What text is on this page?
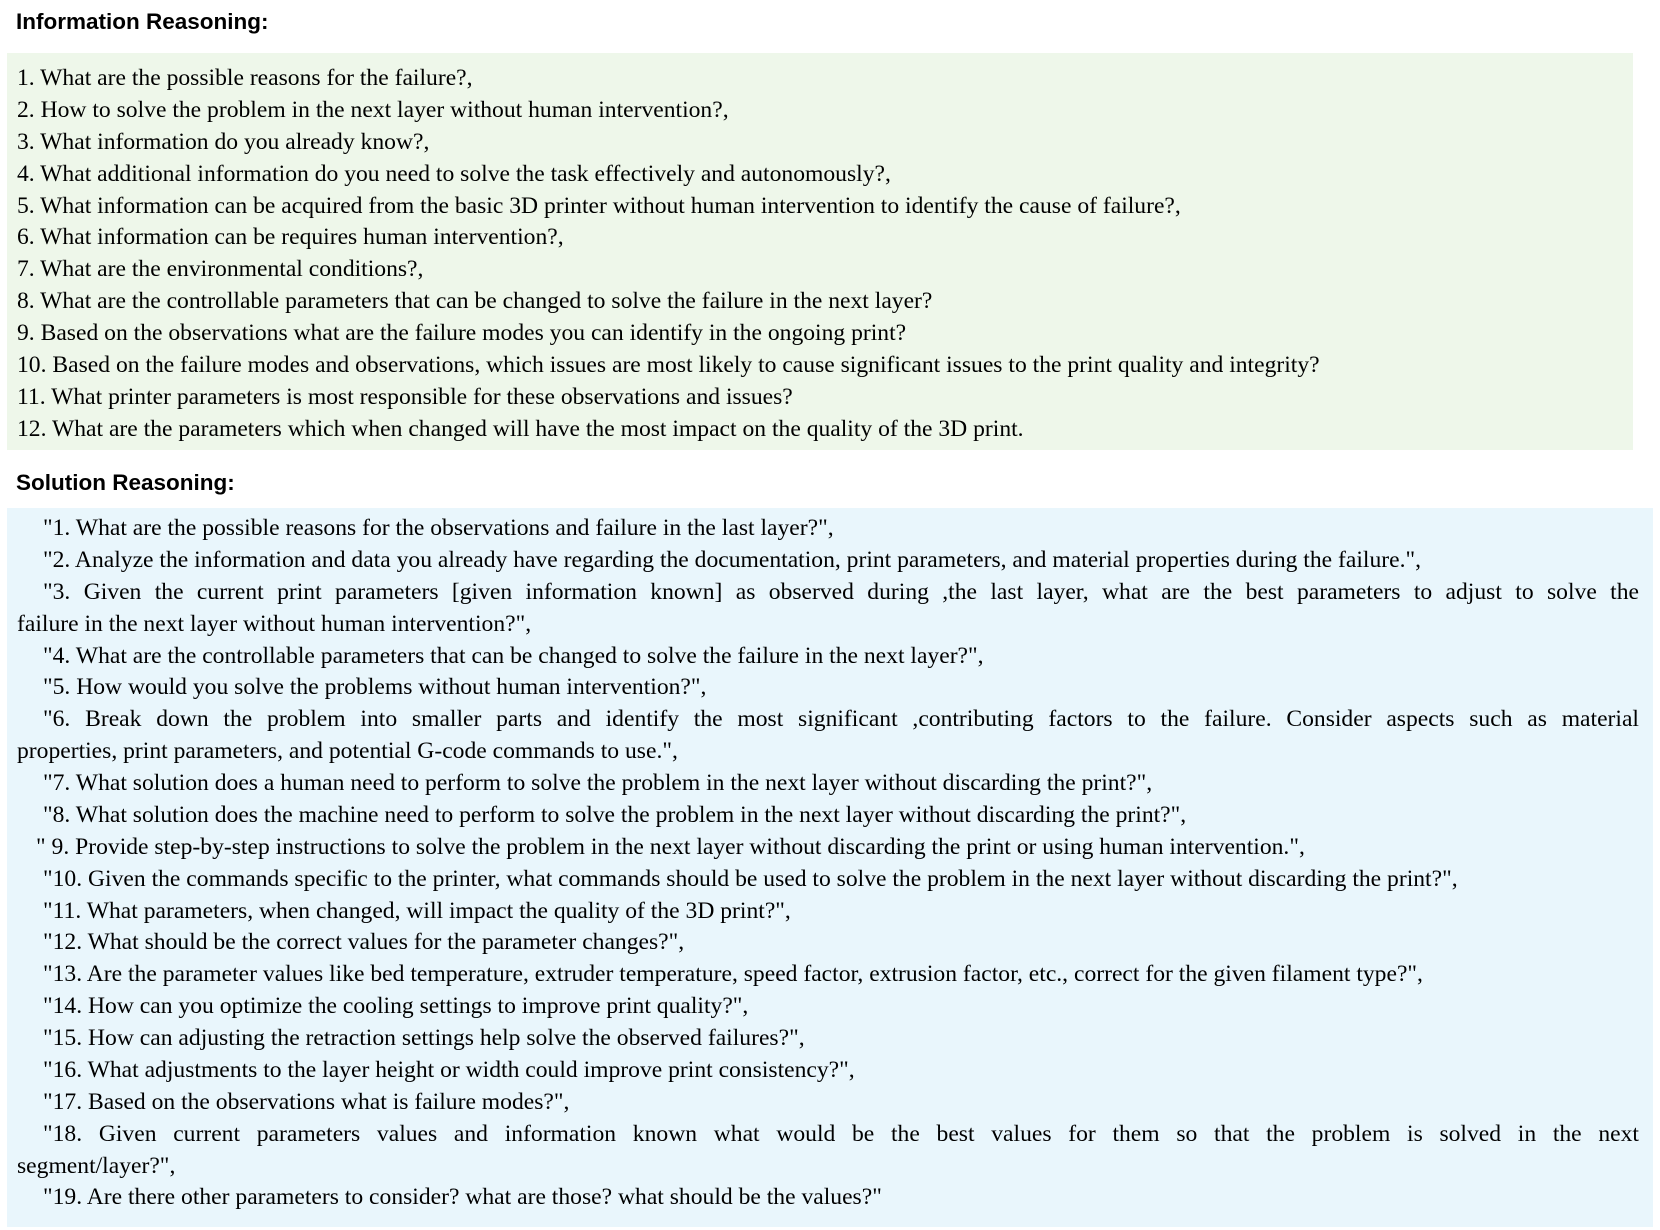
Information Reasoning:
1. What are the possible reasons for the failure?,
2. How to solve the problem in the next layer without human intervention?,
3. What information do you already know?,
4. What additional information do you need to solve the task effectively and autonomously?,
5. What information can be acquired from the basic 3D printer without human intervention to identify the cause of failure?,
6. What information can be requires human intervention?,
7. What are the environmental conditions?,
8. What are the controllable parameters that can be changed to solve the failure in the next layer?
9. Based on the observations what are the failure modes you can identify in the ongoing print?
10. Based on the failure modes and observations, which issues are most likely to cause significant issues to the print quality and integrity?
11. What printer parameters is most responsible for these observations and issues?
12. What are the parameters which when changed will have the most impact on the quality of the 3D print.
Solution Reasoning:
"1. What are the possible reasons for the observations and failure in the last layer?",
"2. Analyze the information and data you already have regarding the documentation, print parameters, and material properties during the failure.",
"3. Given the current print parameters [given information known] as observed during ,the last layer, what are the best parameters to adjust to solve the
failure in the next layer without human intervention?",
"4. What are the controllable parameters that can be changed to solve the failure in the next layer?",
"5. How would you solve the problems without human intervention?",
"6. Break down the problem into smaller parts and identify the most significant ,contributing factors to the failure. Consider aspects such as material
properties, print parameters, and potential G-code commands to use.",
"7. What solution does a human need to perform to solve the problem in the next layer without discarding the print?",
"8. What solution does the machine need to perform to solve the problem in the next layer without discarding the print?",
" 9. Provide step-by-step instructions to solve the problem in the next layer without discarding the print or using human intervention.",
"10. Given the commands specific to the printer, what commands should be used to solve the problem in the next layer without discarding the print?",
"11. What parameters, when changed, will impact the quality of the 3D print?",
"12. What should be the correct values for the parameter changes?",
"13. Are the parameter values like bed temperature, extruder temperature, speed factor, extrusion factor, etc., correct for the given filament type?",
"14. How can you optimize the cooling settings to improve print quality?",
"15. How can adjusting the retraction settings help solve the observed failures?",
"16. What adjustments to the layer height or width could improve print consistency?",
"17. Based on the observations what is failure modes?",
"18. Given current parameters values and information known what would be the best values for them so that the problem is solved in the next
segment/layer?",
"19. Are there other parameters to consider? what are those? what should be the values?"
